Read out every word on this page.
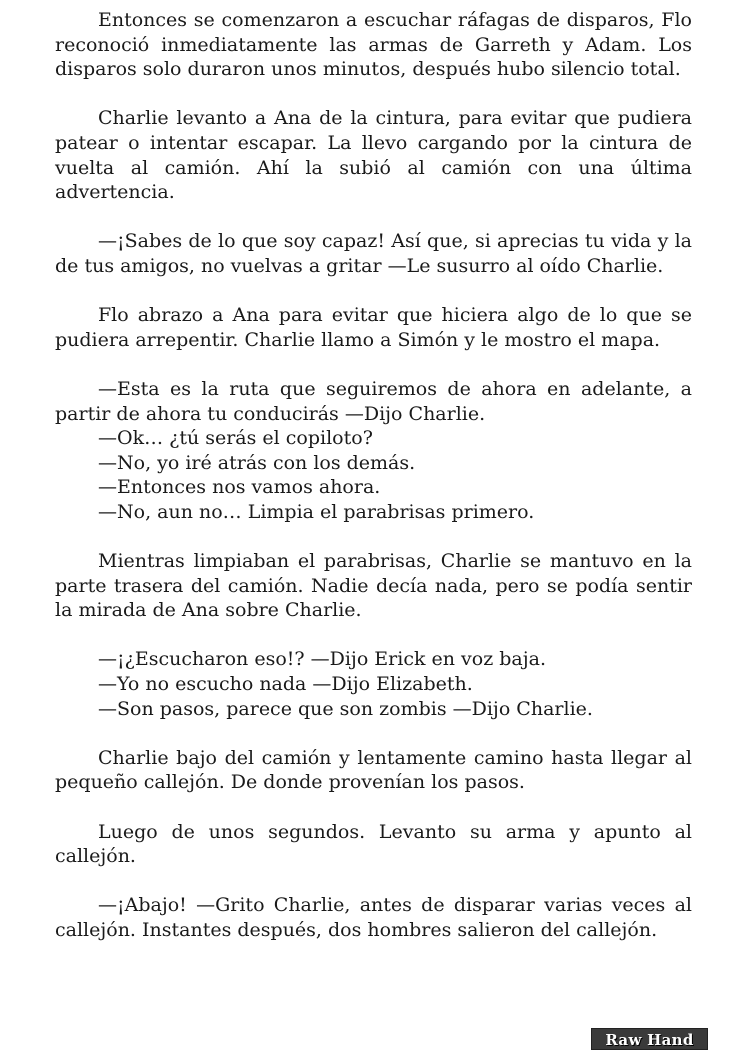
Entonces se comenzaron a escuchar ráfagas de disparos, Flo reconoció inmediatamente las armas de Garreth y Adam. Los disparos solo duraron unos minutos, después hubo silencio total.

Charlie levanto a Ana de la cintura, para evitar que pudiera patear o intentar escapar. La llevo cargando por la cintura de vuelta al camión. Ahí la subió al camión con una última advertencia.

—¡Sabes de lo que soy capaz! Así que, si aprecias tu vida y la de tus amigos, no vuelvas a gritar —Le susurro al oído Charlie.

Flo abrazo a Ana para evitar que hiciera algo de lo que se pudiera arrepentir. Charlie llamo a Simón y le mostro el mapa.

—Esta es la ruta que seguiremos de ahora en adelante, a partir de ahora tu conducirás —Dijo Charlie.

—Ok… ¿tú serás el copiloto?

—No, yo iré atrás con los demás.

—Entonces nos vamos ahora.

—No, aun no… Limpia el parabrisas primero.

Mientras limpiaban el parabrisas, Charlie se mantuvo en la parte trasera del camión. Nadie decía nada, pero se podía sentir la mirada de Ana sobre Charlie.

—¡¿Escucharon eso!? —Dijo Erick en voz baja.

—Yo no escucho nada —Dijo Elizabeth.

—Son pasos, parece que son zombis —Dijo Charlie.

Charlie bajo del camión y lentamente camino hasta llegar al pequeño callejón. De donde provenían los pasos.

Luego de unos segundos. Levanto su arma y apunto al callejón.

—¡Abajo! —Grito Charlie, antes de disparar varias veces al callejón. Instantes después, dos hombres salieron del callejón.

Raw Hand
